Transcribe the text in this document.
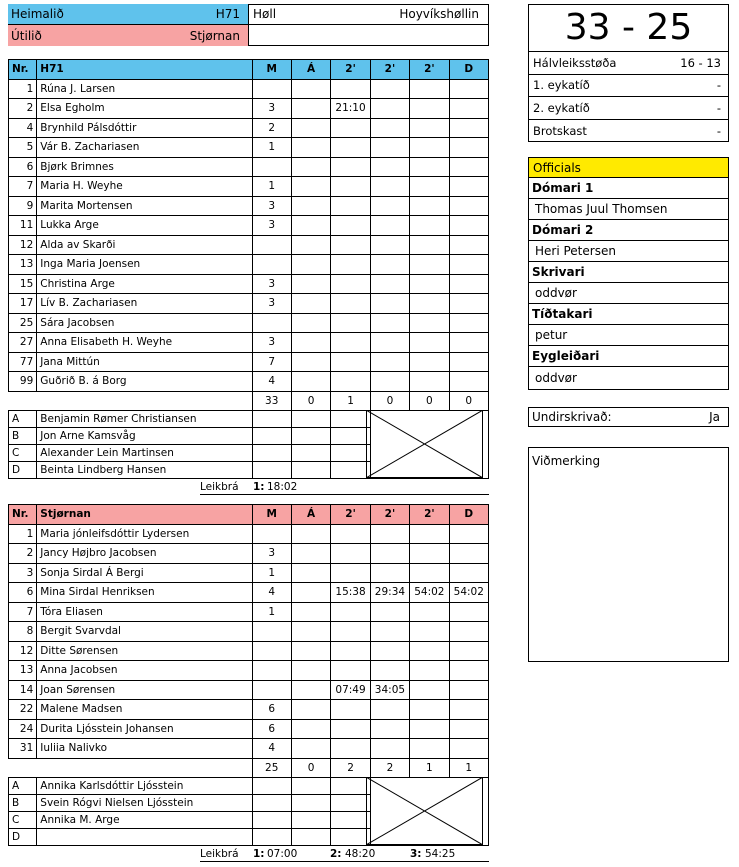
Heimalið	H71
Útilið	Stjørnan
Høll	Hoyvíkshøllin	33 - 25
Hálvleiksstøða	16 - 13
1. eykatíð	-
2. eykatíð	-
Brotskast	-
Officials
Dómari 1
Thomas Juul Thomsen
Dómari 2
Heri Petersen
Skrivari
oddvør
Tíðtakari
petur
Eygleiðari
oddvør
Undirskrivað:	Ja
Viðmerking
Nr.	H71	M	Á	2'	2'	2'	D
1	Rúna J. Larsen						
2	Elsa Egholm	3		21:10			
4	Brynhild Pálsdóttir	2					
5	Vár B. Zachariasen	1					
6	Bjørk Brimnes						
7	Maria H. Weyhe	1					
9	Marita Mortensen	3					
11	Lukka Arge	3					
12	Alda av Skarði						
13	Inga Maria Joensen						
15	Christina Arge	3					
17	Lív B. Zachariasen	3					
25	Sára Jacobsen						
27	Anna Elisabeth H. Weyhe	3					
77	Jana Mittún	7					
99	Guðrið B. á Borg	4					
		33	0	1	0	0	0
A	Benjamin Rømer Christiansen						
B	Jon Arne Kamsvåg						
C	Alexander Lein Martinsen						
D	Beinta Lindberg Hansen						
Nr.	Stjørnan	M	Á	2'	2'	2'	D
1	Maria jónleifsdóttir Lydersen						
2	Jancy Højbro Jacobsen	3					
3	Sonja Sirdal Á Bergi	1					
6	Mina Sirdal Henriksen	4		15:38	29:34	54:02	54:02
7	Tóra Eliasen	1					
8	Bergit Svarvdal						
12	Ditte Sørensen						
13	Anna Jacobsen						
14	Joan Sørensen			07:49	34:05		
22	Malene Madsen	6					
24	Durita Ljósstein Johansen	6					
31	Iuliia Nalivko	4					
		25	0	2	2	1	1
A	Annika Karlsdóttir Ljósstein						
B	Svein Rógvi Nielsen Ljósstein						
C	Annika M. Arge						
D							
Leikbrá 1: 18:02
Leikbrá 1: 07:00	2: 48:20	3: 54:25
